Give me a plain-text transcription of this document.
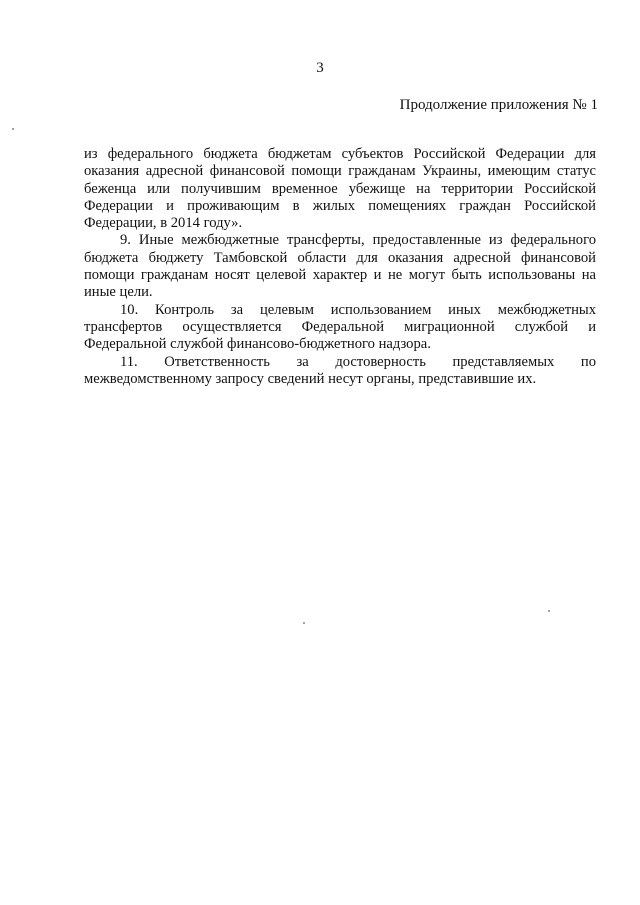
3
Продолжение приложения № 1

из федерального бюджета бюджетам субъектов Российской Федерации для оказания адресной финансовой помощи гражданам Украины, имеющим статус беженца или получившим временное убежище на территории Российской Федерации и проживающим в жилых помещениях граждан Российской Федерации, в 2014 году».

9. Иные межбюджетные трансферты, предоставленные из федерального бюджета бюджету Тамбовской области для оказания адресной финансовой помощи гражданам носят целевой характер и не могут быть использованы на иные цели.

10. Контроль за целевым использованием иных межбюджетных трансфертов осуществляется Федеральной миграционной службой и Федеральной службой финансово-бюджетного надзора.

11. Ответственность за достоверность представляемых по межведомственному запросу сведений несут органы, представившие их.
